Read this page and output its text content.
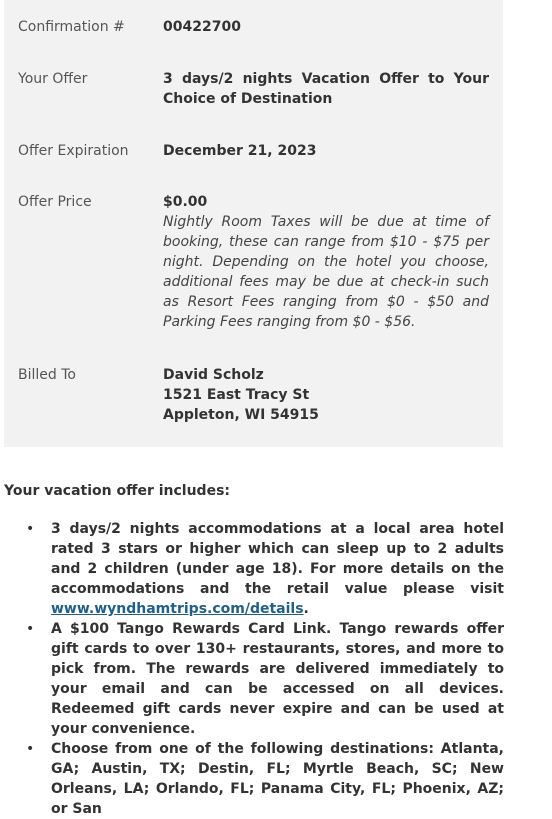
Confirmation #	00422700
Your Offer	3 days/2 nights Vacation Offer to Your Choice of Destination
Offer Expiration	December 21, 2023
Offer Price	$0.00
Nightly Room Taxes will be due at time of booking, these can range from $10 - $75 per night. Depending on the hotel you choose, additional fees may be due at check-in such as Resort Fees ranging from $0 - $50 and Parking Fees ranging from $0 - $56.
Billed To	David Scholz
1521 East Tracy St
Appleton, WI 54915
Your vacation offer includes:
• 3 days/2 nights accommodations at a local area hotel rated 3 stars or higher which can sleep up to 2 adults and 2 children (under age 18). For more details on the accommodations and the retail value please visit www.wyndhamtrips.com/details.
• A $100 Tango Rewards Card Link. Tango rewards offer gift cards to over 130+ restaurants, stores, and more to pick from. The rewards are delivered immediately to your email and can be accessed on all devices. Redeemed gift cards never expire and can be used at your convenience.
• Choose from one of the following destinations: Atlanta, GA; Austin, TX; Destin, FL; Myrtle Beach, SC; New Orleans, LA; Orlando, FL; Panama City, FL; Phoenix, AZ; or San
